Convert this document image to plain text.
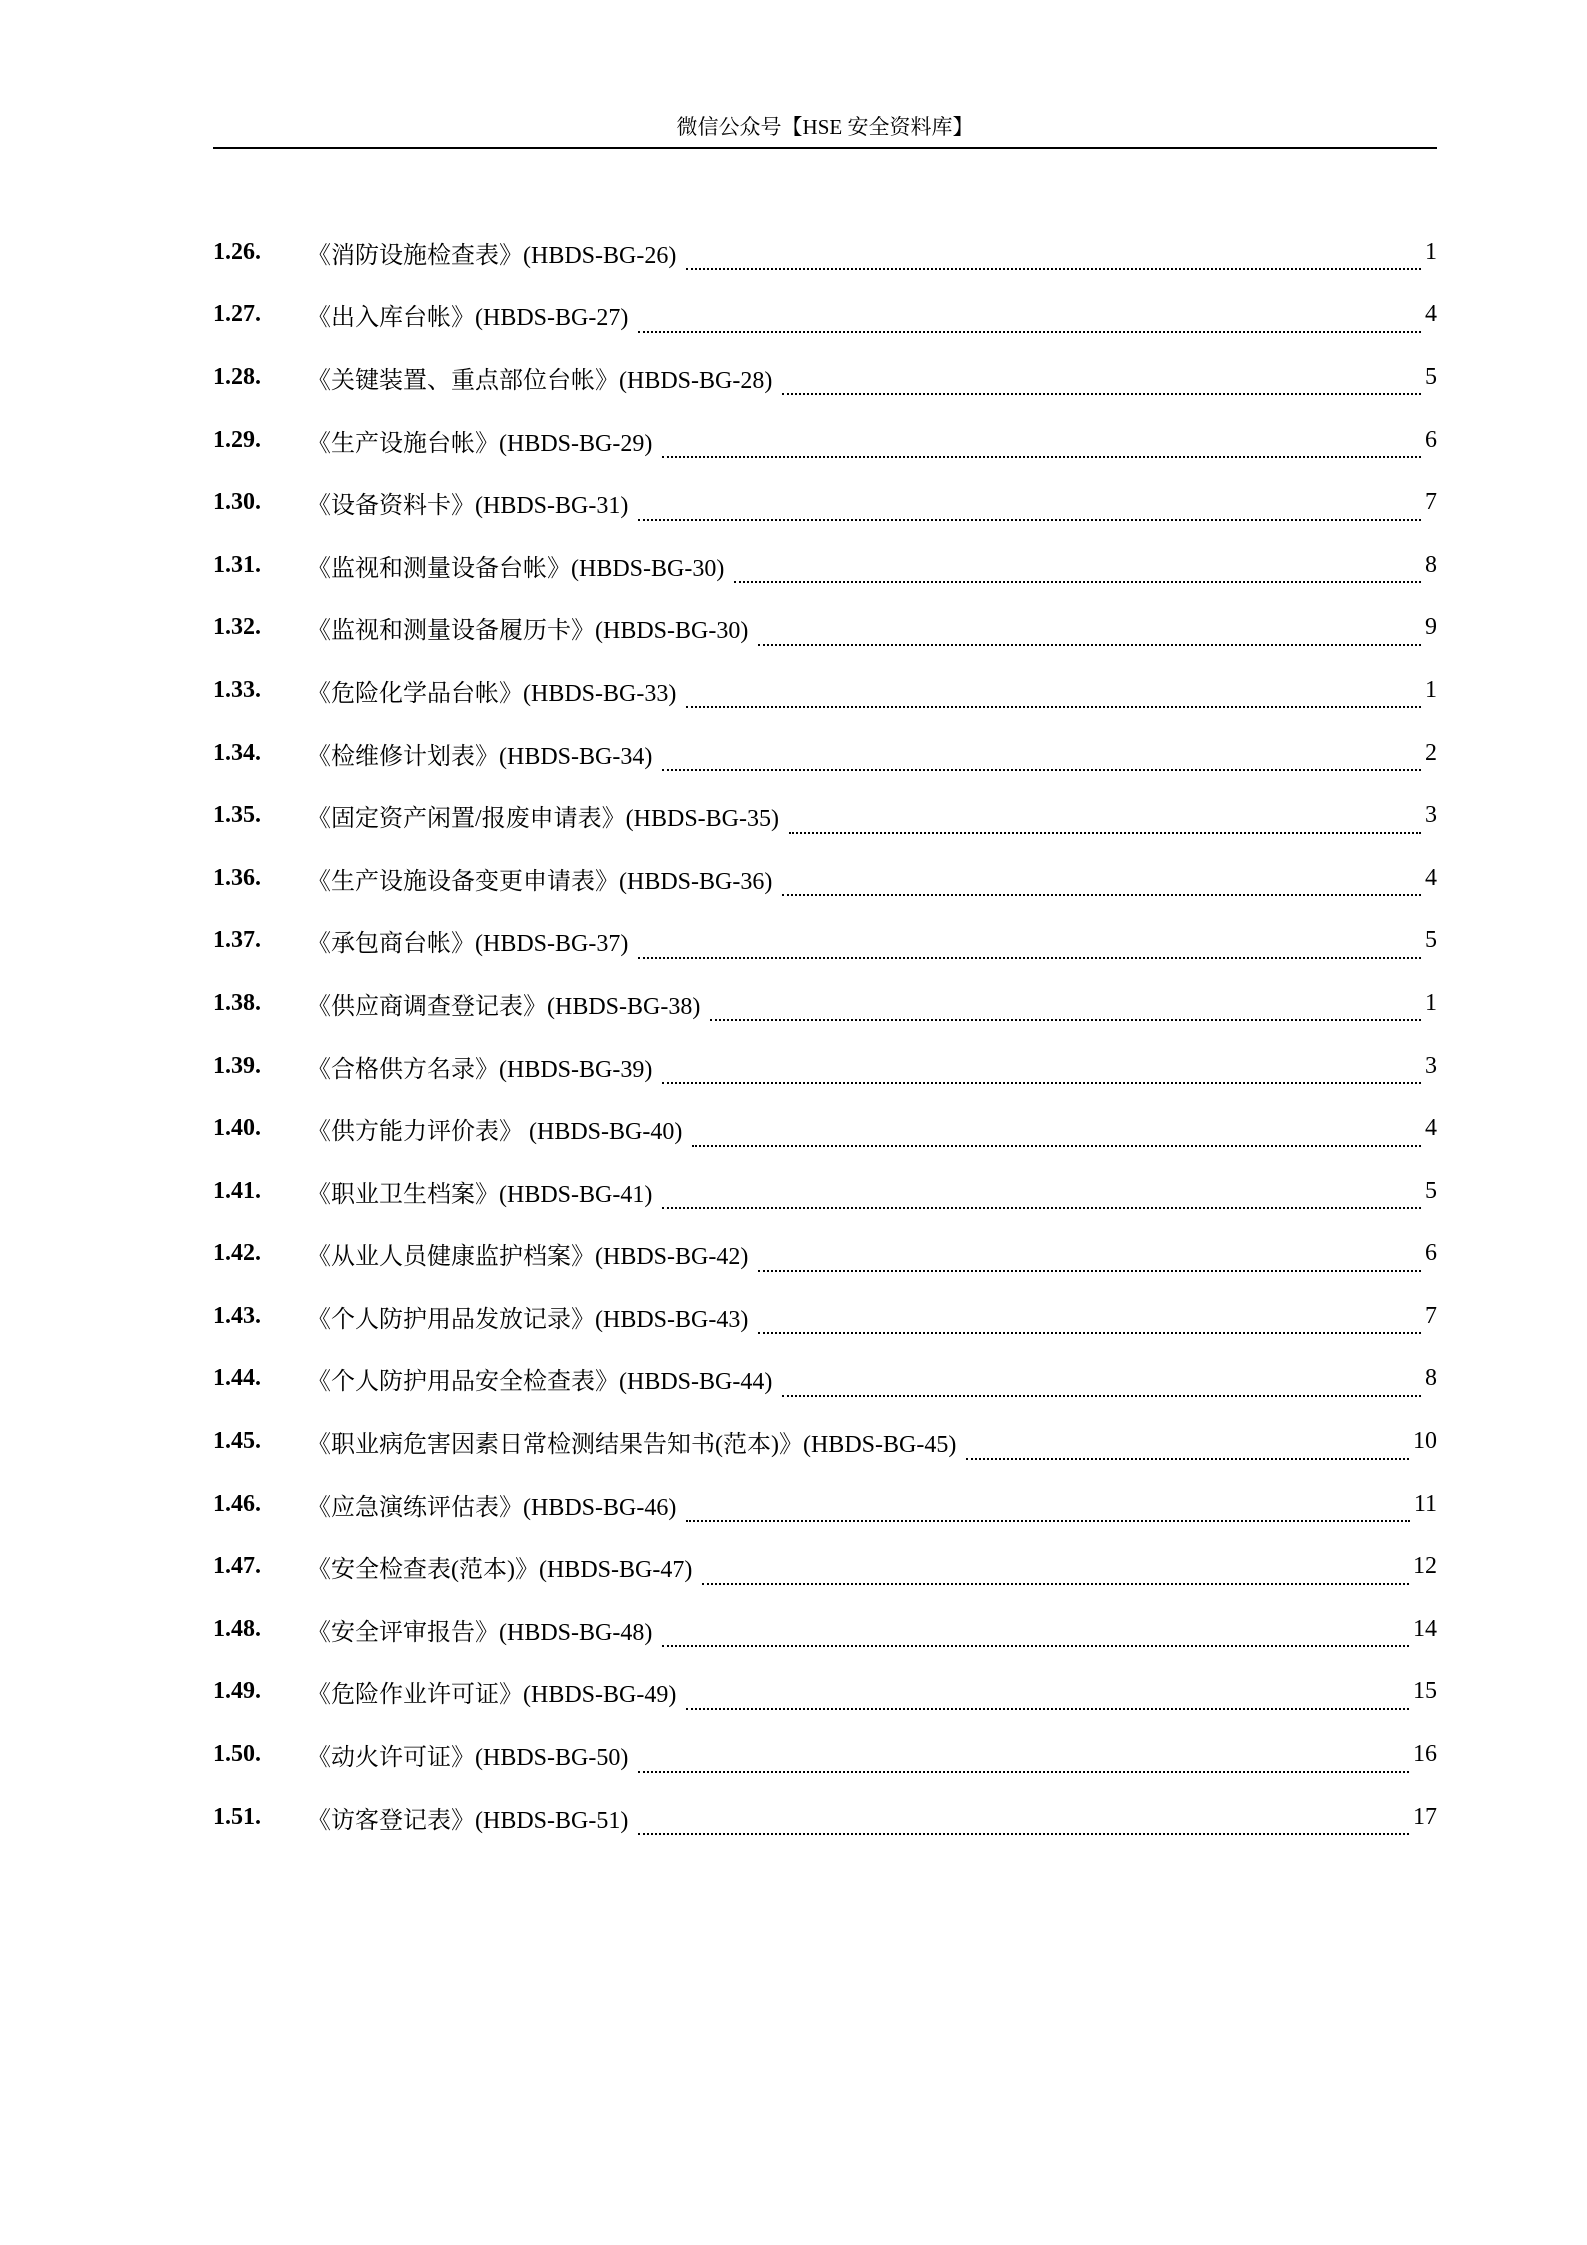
微信公众号【HSE 安全资料库】
1.26.	《消防设施检查表》(HBDS-BG-26)	1
1.27.	《出入库台帐》(HBDS-BG-27)	4
1.28.	《关键装置、重点部位台帐》(HBDS-BG-28)	5
1.29.	《生产设施台帐》(HBDS-BG-29)	6
1.30.	《设备资料卡》(HBDS-BG-31)	7
1.31.	《监视和测量设备台帐》(HBDS-BG-30)	8
1.32.	《监视和测量设备履历卡》(HBDS-BG-30)	9
1.33.	《危险化学品台帐》(HBDS-BG-33)	1
1.34.	《检维修计划表》(HBDS-BG-34)	2
1.35.	《固定资产闲置/报废申请表》(HBDS-BG-35)	3
1.36.	《生产设施设备变更申请表》(HBDS-BG-36)	4
1.37.	《承包商台帐》(HBDS-BG-37)	5
1.38.	《供应商调查登记表》(HBDS-BG-38)	1
1.39.	《合格供方名录》(HBDS-BG-39)	3
1.40.	《供方能力评价表》 (HBDS-BG-40)	4
1.41.	《职业卫生档案》(HBDS-BG-41)	5
1.42.	《从业人员健康监护档案》(HBDS-BG-42)	6
1.43.	《个人防护用品发放记录》(HBDS-BG-43)	7
1.44.	《个人防护用品安全检查表》(HBDS-BG-44)	8
1.45.	《职业病危害因素日常检测结果告知书(范本)》(HBDS-BG-45)	10
1.46.	《应急演练评估表》(HBDS-BG-46)	11
1.47.	《安全检查表(范本)》(HBDS-BG-47)	12
1.48.	《安全评审报告》(HBDS-BG-48)	14
1.49.	《危险作业许可证》(HBDS-BG-49)	15
1.50.	《动火许可证》(HBDS-BG-50)	16
1.51.	《访客登记表》(HBDS-BG-51)	17
